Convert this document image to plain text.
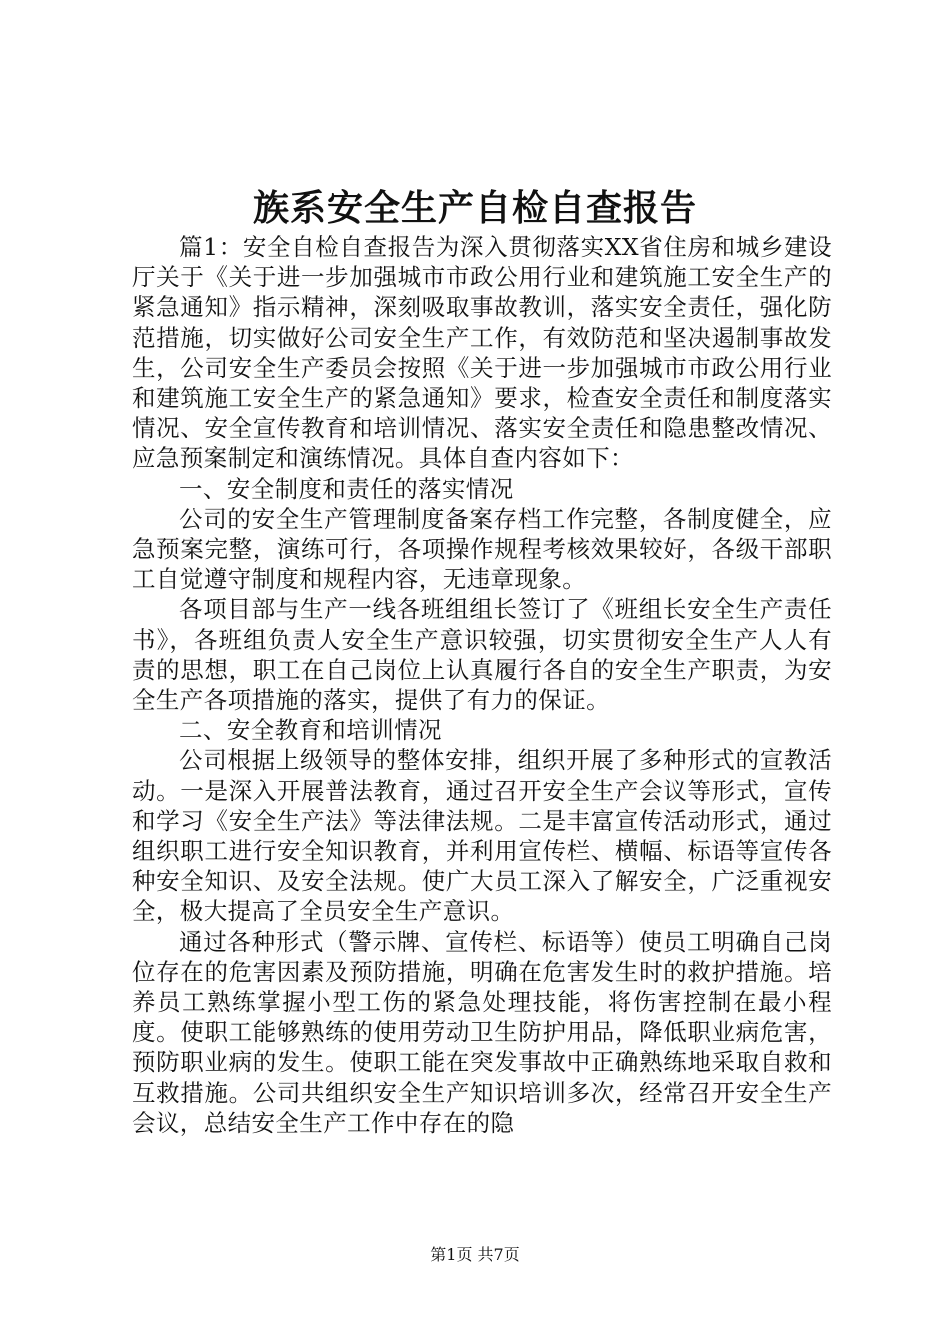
族系安全生产自检自查报告

篇1：安全自检自查报告为深入贯彻落实XX省住房和城乡建设厅关于《关于进一步加强城市市政公用行业和建筑施工安全生产的紧急通知》指示精神，深刻吸取事故教训，落实安全责任，强化防范措施，切实做好公司安全生产工作，有效防范和坚决遏制事故发生，公司安全生产委员会按照《关于进一步加强城市市政公用行业和建筑施工安全生产的紧急通知》要求，检查安全责任和制度落实情况、安全宣传教育和培训情况、落实安全责任和隐患整改情况、应急预案制定和演练情况。具体自查内容如下：

一、安全制度和责任的落实情况

公司的安全生产管理制度备案存档工作完整，各制度健全，应急预案完整，演练可行，各项操作规程考核效果较好，各级干部职工自觉遵守制度和规程内容，无违章现象。

各项目部与生产一线各班组组长签订了《班组长安全生产责任书》，各班组负责人安全生产意识较强，切实贯彻安全生产人人有责的思想，职工在自己岗位上认真履行各自的安全生产职责，为安全生产各项措施的落实，提供了有力的保证。

二、安全教育和培训情况

公司根据上级领导的整体安排，组织开展了多种形式的宣教活动。一是深入开展普法教育，通过召开安全生产会议等形式，宣传和学习《安全生产法》等法律法规。二是丰富宣传活动形式，通过组织职工进行安全知识教育，并利用宣传栏、横幅、标语等宣传各种安全知识、及安全法规。使广大员工深入了解安全，广泛重视安全，极大提高了全员安全生产意识。

通过各种形式（警示牌、宣传栏、标语等）使员工明确自己岗位存在的危害因素及预防措施，明确在危害发生时的救护措施。培养员工熟练掌握小型工伤的紧急处理技能，将伤害控制在最小程度。使职工能够熟练的使用劳动卫生防护用品，降低职业病危害，预防职业病的发生。使职工能在突发事故中正确熟练地采取自救和互救措施。公司共组织安全生产知识培训多次，经常召开安全生产会议，总结安全生产工作中存在的隐

第1页 共7页
